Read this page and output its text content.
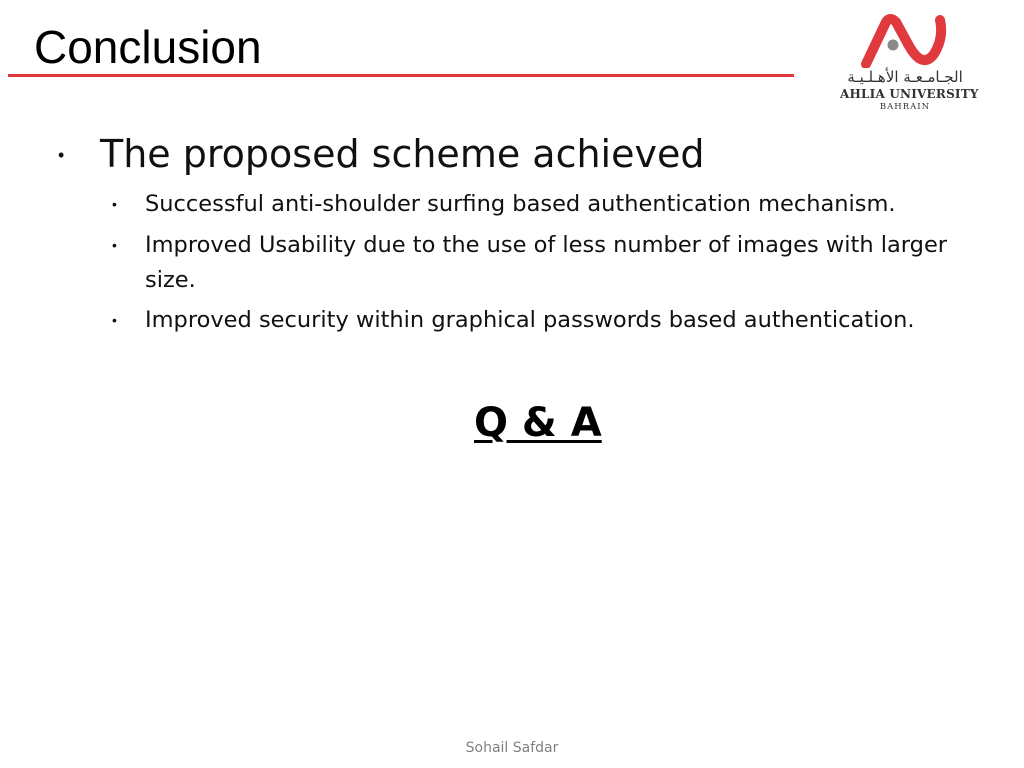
Conclusion
الجـامـعـة الأهـلـيـة
AHLIA UNIVERSITY
BAHRAIN
• The proposed scheme achieved
• Successful anti-shoulder surfing based authentication mechanism.
• Improved Usability due to the use of less number of images with larger size.
• Improved security within graphical passwords based authentication.
Q & A
Sohail Safdar
